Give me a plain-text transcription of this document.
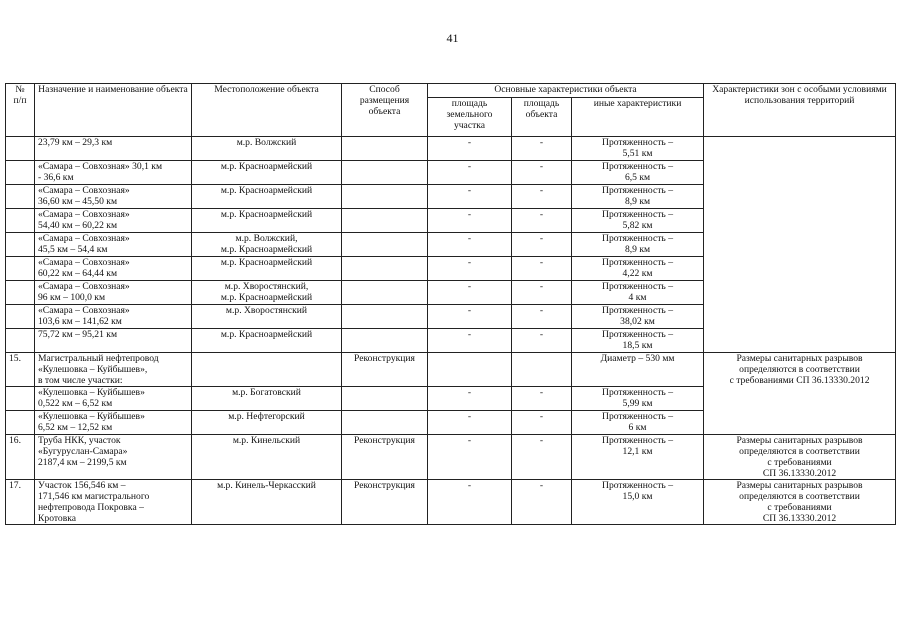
41
№
п/п	Назначение и наименование объекта	Местоположение объекта	Способ размещения объекта	Основные характеристики объекта			Характеристики зон с особыми условиями использования территорий
				площадь земельного участка	площадь объекта	иные характеристики	
	23,79 км – 29,3 км	м.р. Волжский		-	-	Протяженность –
5,51 км	
	«Самара – Совхозная» 30,1 км
- 36,6 км	м.р. Красноармейский		-	-	Протяженность –
6,5 км	
	«Самара – Совхозная»
36,60 км – 45,50 км	м.р. Красноармейский		-	-	Протяженность –
8,9 км	
	«Самара – Совхозная»
54,40 км – 60,22 км	м.р. Красноармейский		-	-	Протяженность –
5,82 км	
	«Самара – Совхозная»
45,5 км – 54,4 км	м.р. Волжский,
м.р. Красноармейский		-	-	Протяженность –
8,9 км	
	«Самара – Совхозная»
60,22 км – 64,44 км	м.р. Красноармейский		-	-	Протяженность –
4,22 км	
	«Самара – Совхозная»
96 км – 100,0 км	м.р. Хворостянский,
м.р. Красноармейский		-	-	Протяженность –
4 км	
	«Самара – Совхозная»
103,6 км – 141,62 км	м.р. Хворостянский		-	-	Протяженность –
38,02 км	
	75,72 км – 95,21 км	м.р. Красноармейский		-	-	Протяженность –
18,5 км	
15.	Магистральный нефтепровод
«Кулешовка – Куйбышев»,
в том числе участки:		Реконструкция			Диаметр – 530 мм	Размеры санитарных разрывов
определяются в соответствии
с требованиями СП 36.13330.2012
	«Кулешовка – Куйбышев»
0,522 км – 6,52 км	м.р. Богатовский		-	-	Протяженность –
5,99 км	
	«Кулешовка – Куйбышев»
6,52 км – 12,52 км	м.р. Нефтегорский		-	-	Протяженность –
6 км	
16.	Труба НКК, участок
«Бугуруслан-Самара»
2187,4 км – 2199,5 км	м.р. Кинельский	Реконструкция	-	-	Протяженность –
12,1 км	Размеры санитарных разрывов
определяются в соответствии
с требованиями
СП 36.13330.2012
17.	Участок 156,546 км –
171,546 км магистрального
нефтепровода Покровка –
Кротовка	м.р. Кинель-Черкасский	Реконструкция	-	-	Протяженность –
15,0 км	Размеры санитарных разрывов
определяются в соответствии
с требованиями
СП 36.13330.2012
